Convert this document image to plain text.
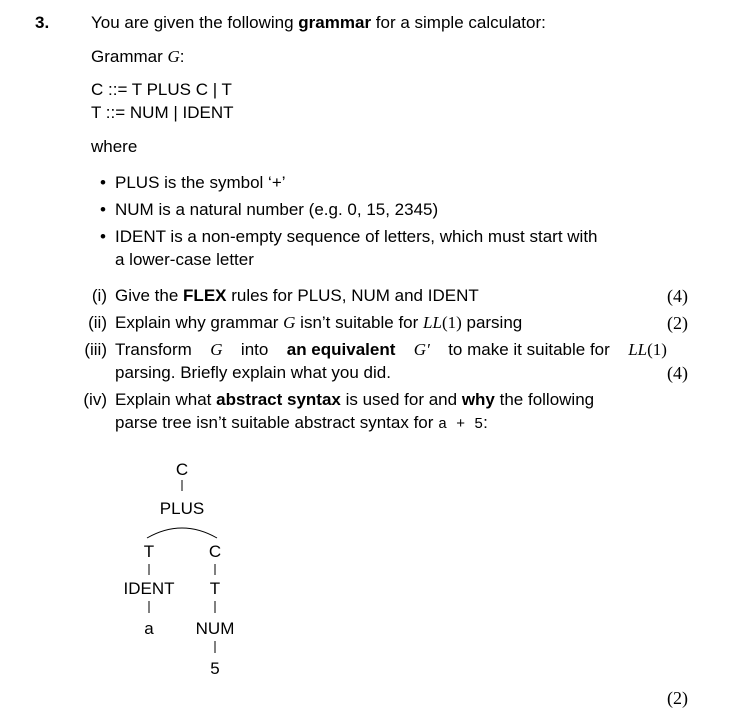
3. You are given the following grammar for a simple calculator:
Grammar G:
C ::= T PLUS C | T
T ::= NUM | IDENT
where
• PLUS is the symbol ‘+’
• NUM is a natural number (e.g. 0, 15, 2345)
• IDENT is a non-empty sequence of letters, which must start with
a lower-case letter
(i) Give the FLEX rules for PLUS, NUM and IDENT	(4)
(ii) Explain why grammar G isn’t suitable for LL(1) parsing	(2)
(iii) Transform G into an equivalent G′ to make it suitable for LL(1)
parsing. Briefly explain what you did.	(4)
(iv) Explain what abstract syntax is used for and why the following
parse tree isn’t suitable abstract syntax for a + 5:
C
PLUS
T	C
IDENT T
a NUM
5
(2)
